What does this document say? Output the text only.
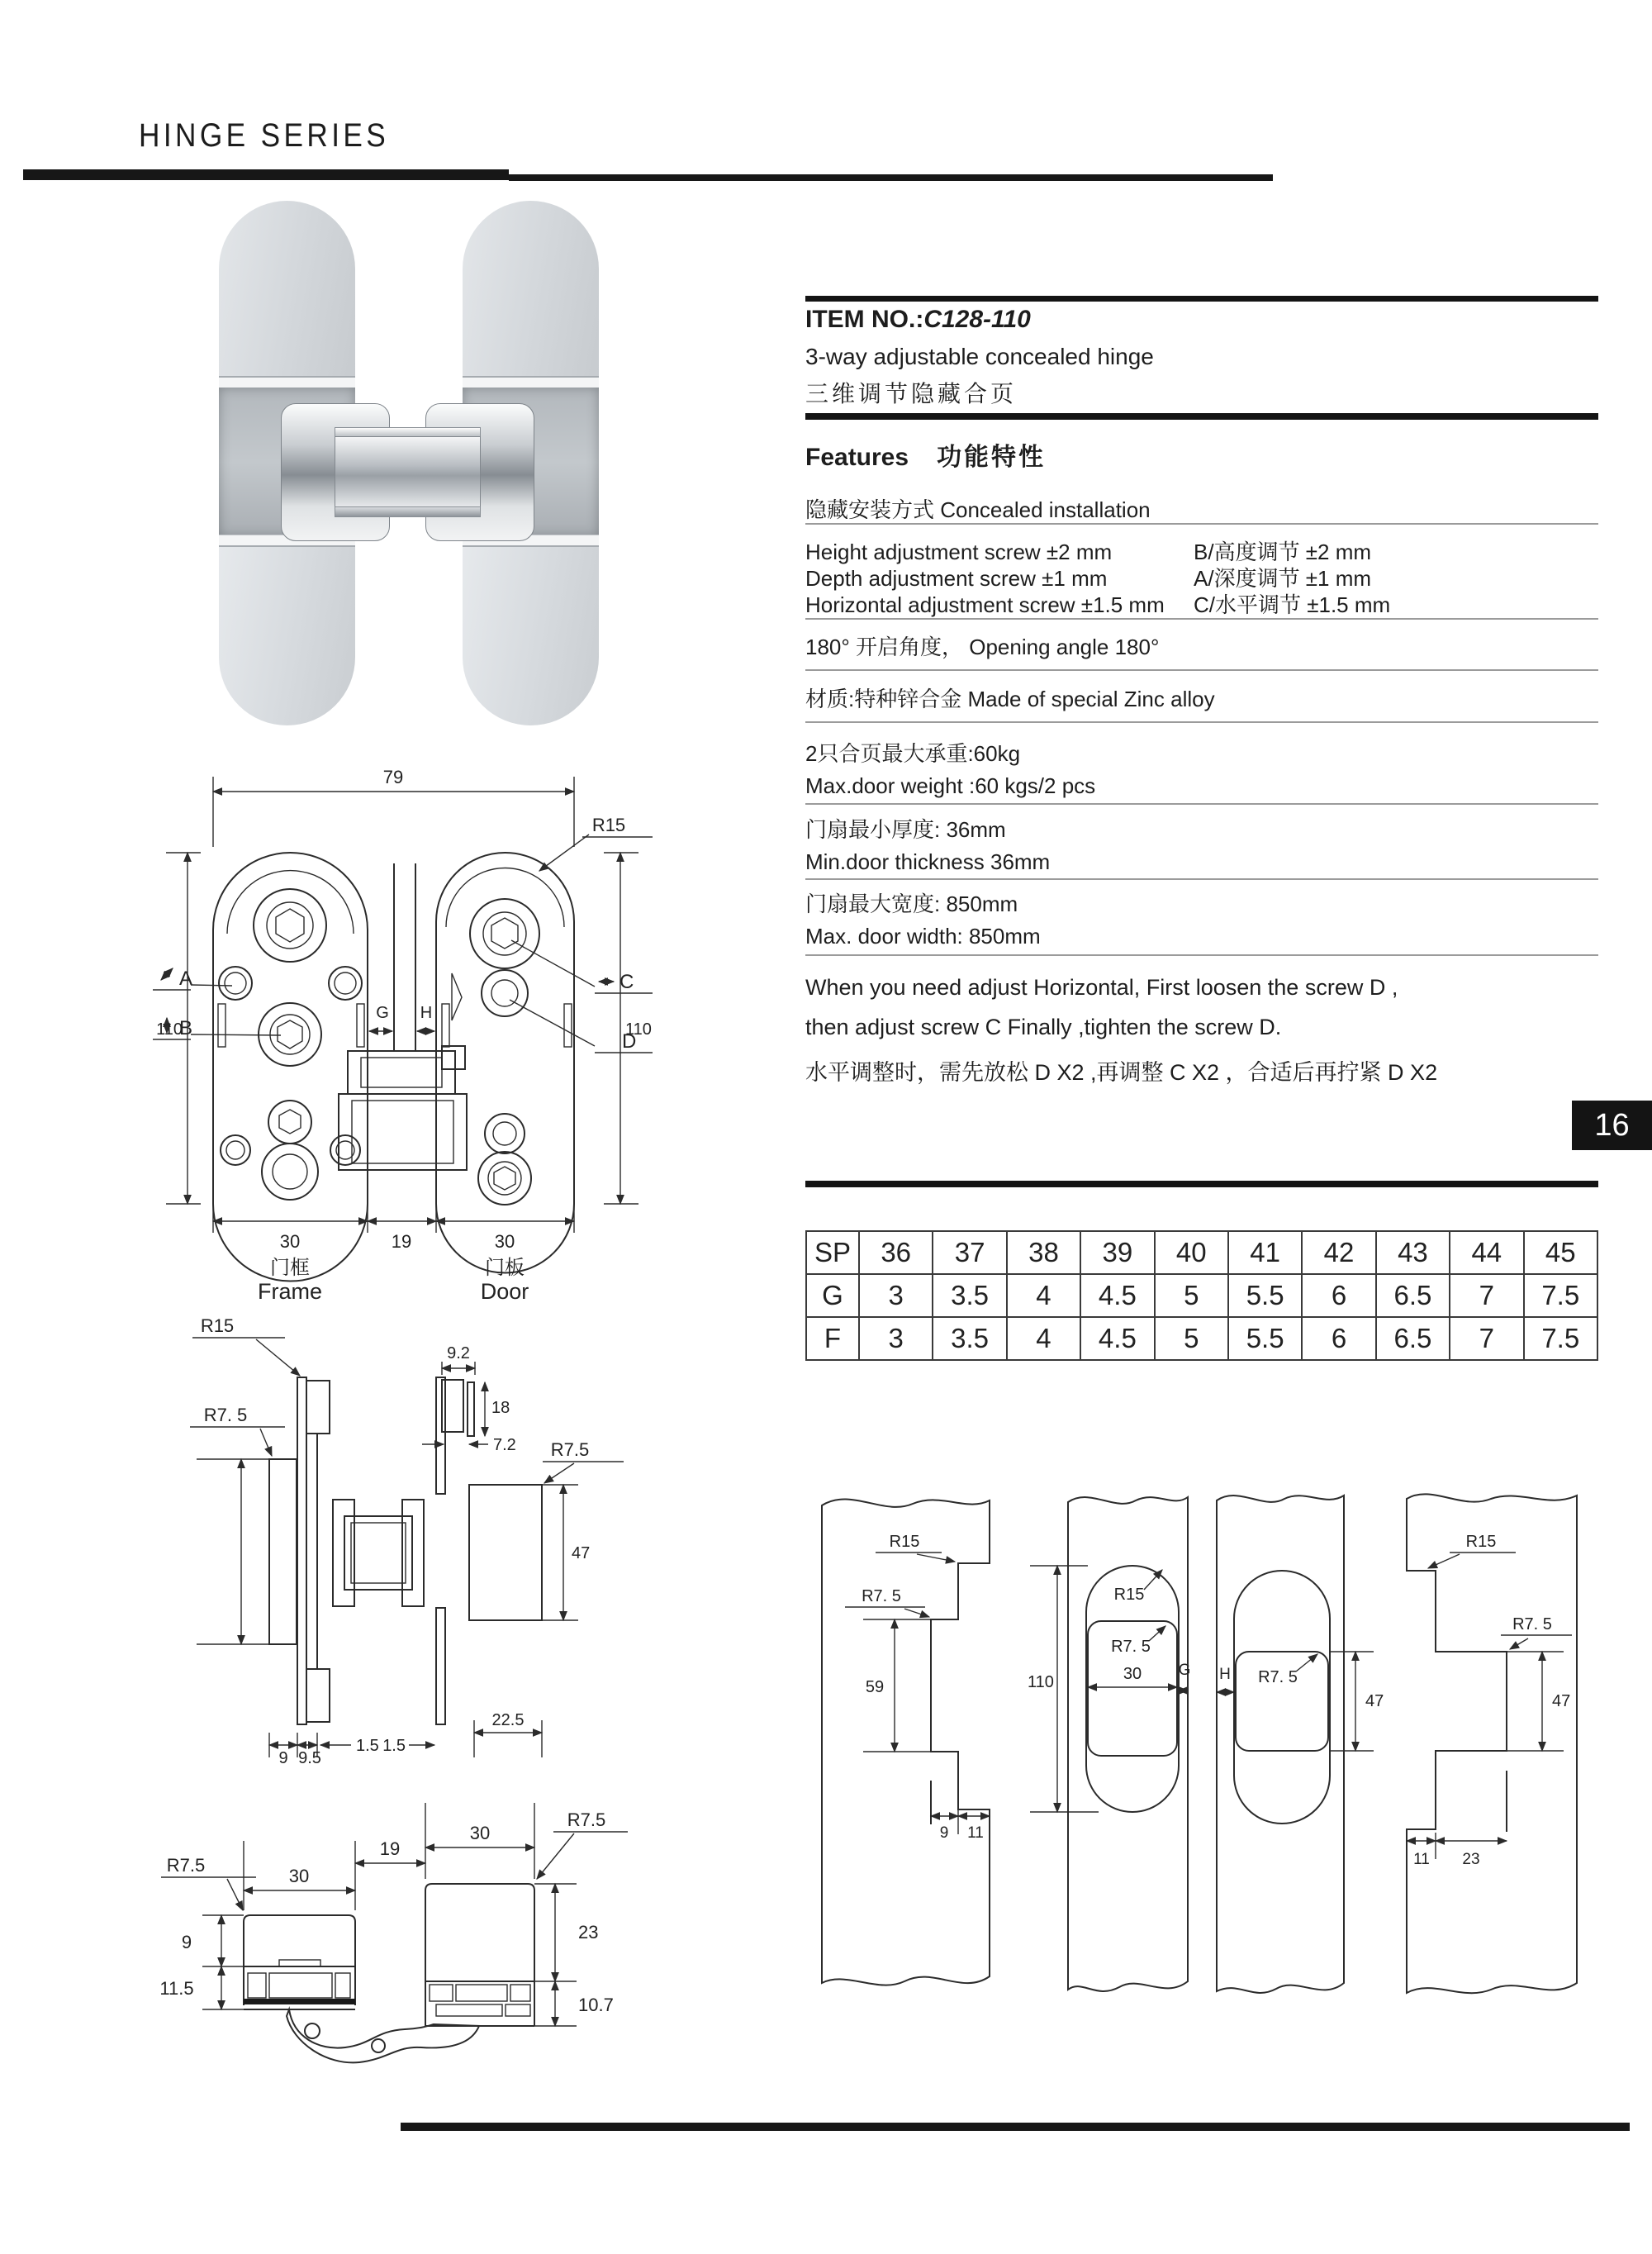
HINGE SERIES
ITEM NO.:C128-110
3-way adjustable concealed hinge
三维调节隐藏合页
Features 功能特性
隐藏安装方式 Concealed installation
Height adjustment screw ±2 mm	B/高度调节 ±2 mm
Depth adjustment screw ±1 mm	A/深度调节 ±1 mm
Horizontal adjustment screw ±1.5 mm C/水平调节 ±1.5 mm
180° 开启角度， Opening angle 180°
材质:特种锌合金 Made of special Zinc alloy
2只合页最大承重:60kg
Max.door weight :60 kgs/2 pcs
门扇最小厚度: 36mm
Min.door thickness 36mm
门扇最大宽度: 850mm
Max. door width: 850mm
When you need adjust Horizontal, First loosen the screw D ,
then adjust screw C Finally ,tighten the screw D.
水平调整时，需先放松 D X2 ,再调整 C X2 ，合适后再拧紧 D X2
16
SP	36	37	38	39	40	41	42	43	44	45
G	3	3.5	4	4.5	5	5.5	6	6.5	7	7.5
F	3	3.5	4	4.5	5	5.5	6	6.5	7	7.5
79
R15
A
B
C
D
G H
110	110
30	19	30
门框
Frame
门板
Door
R15
R7. 5
9.2
18
7.2 R7.5
47
9 9.5
1.5 1.5
22.5
R7.5
9
11.5
30
19
30
R7.5
23
10.7
R15
R7. 5
59
9 11
110
R15
R7. 5
30 G H R7. 5
47
R15
R7. 5
47
11 23
